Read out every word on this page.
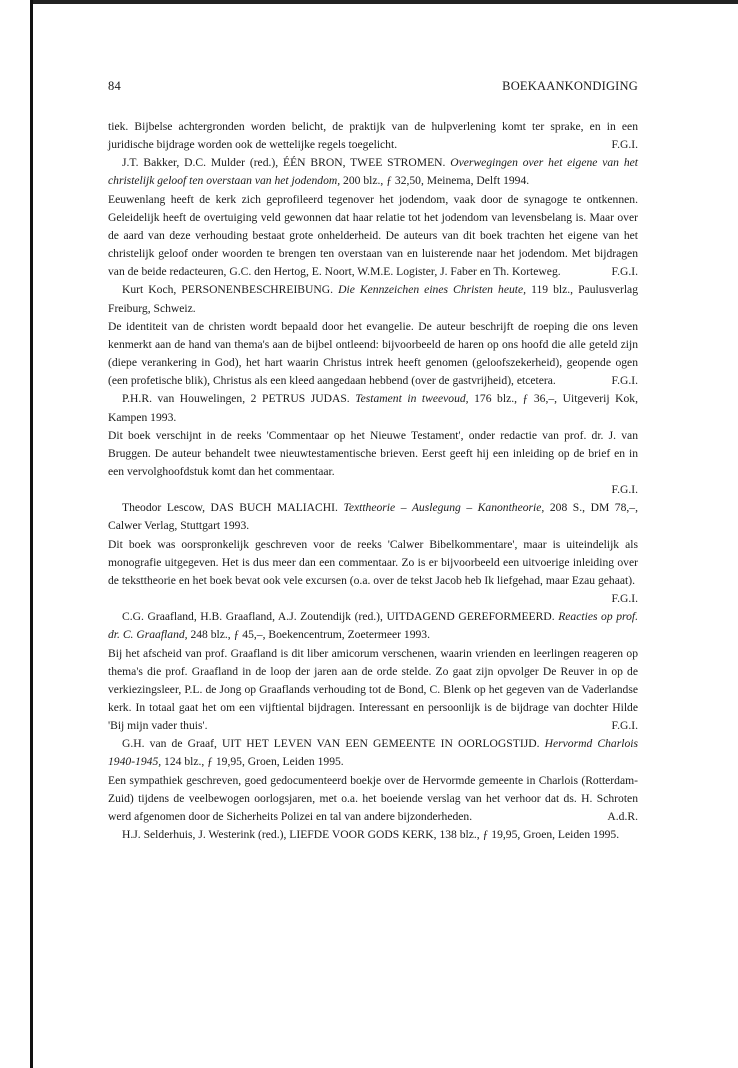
84	BOEKAANKONDIGING

tiek. Bijbelse achtergronden worden belicht, de praktijk van de hulpverlening komt ter sprake, en in een juridische bijdrage worden ook de wettelijke regels toegelicht.	F.G.I.

J.T. Bakker, D.C. Mulder (red.), ÉÉN BRON, TWEE STROMEN. Overwegingen over het eigene van het christelijk geloof ten overstaan van het jodendom, 200 blz., ƒ 32,50, Meinema, Delft 1994.

Eeuwenlang heeft de kerk zich geprofileerd tegenover het jodendom, vaak door de synagoge te ontkennen. Geleidelijk heeft de overtuiging veld gewonnen dat haar relatie tot het jodendom van levensbelang is. Maar over de aard van deze verhouding bestaat grote onhelderheid. De auteurs van dit boek trachten het eigene van het christelijk geloof onder woorden te brengen ten overstaan van en luisterende naar het jodendom. Met bijdragen van de beide redacteuren, G.C. den Hertog, E. Noort, W.M.E. Logister, J. Faber en Th. Korteweg.	F.G.I.

Kurt Koch, PERSONENBESCHREIBUNG. Die Kennzeichen eines Christen heute, 119 blz., Paulusverlag Freiburg, Schweiz.

De identiteit van de christen wordt bepaald door het evangelie. De auteur beschrijft de roeping die ons leven kenmerkt aan de hand van thema's aan de bijbel ontleend: bijvoorbeeld de haren op ons hoofd die alle geteld zijn (diepe verankering in God), het hart waarin Christus intrek heeft genomen (geloofszekerheid), geopende ogen (een profetische blik), Christus als een kleed aangedaan hebbend (over de gastvrijheid), etcetera.	F.G.I.

P.H.R. van Houwelingen, 2 PETRUS JUDAS. Testament in tweevoud, 176 blz., ƒ 36,–, Uitgeverij Kok, Kampen 1993.

Dit boek verschijnt in de reeks 'Commentaar op het Nieuwe Testament', onder redactie van prof. dr. J. van Bruggen. De auteur behandelt twee nieuwtestamentische brieven. Eerst geeft hij een inleiding op de brief en in een vervolghoofdstuk komt dan het commentaar.

F.G.I.

Theodor Lescow, DAS BUCH MALIACHI. Texttheorie – Auslegung – Kanontheorie, 208 S., DM 78,–, Calwer Verlag, Stuttgart 1993.

Dit boek was oorspronkelijk geschreven voor de reeks 'Calwer Bibelkommentare', maar is uiteindelijk als monografie uitgegeven. Het is dus meer dan een commentaar. Zo is er bijvoorbeeld een uitvoerige inleiding over de teksttheorie en het boek bevat ook vele excursen (o.a. over de tekst Jacob heb Ik liefgehad, maar Ezau gehaat).
F.G.I.

C.G. Graafland, H.B. Graafland, A.J. Zoutendijk (red.), UITDAGEND GEREFORMEERD. Reacties op prof. dr. C. Graafland, 248 blz., ƒ 45,–, Boekencentrum, Zoetermeer 1993.

Bij het afscheid van prof. Graafland is dit liber amicorum verschenen, waarin vrienden en leerlingen reageren op thema's die prof. Graafland in de loop der jaren aan de orde stelde. Zo gaat zijn opvolger De Reuver in op de verkiezingsleer, P.L. de Jong op Graaflands verhouding tot de Bond, C. Blenk op het gegeven van de Vaderlandse kerk. In totaal gaat het om een vijftiental bijdragen. Interessant en persoonlijk is de bijdrage van dochter Hilde 'Bij mijn vader thuis'.	F.G.I.

G.H. van de Graaf, UIT HET LEVEN VAN EEN GEMEENTE IN OORLOGSTIJD. Hervormd Charlois 1940-1945, 124 blz., ƒ 19,95, Groen, Leiden 1995.

Een sympathiek geschreven, goed gedocumenteerd boekje over de Hervormde gemeente in Charlois (Rotterdam-Zuid) tijdens de veelbewogen oorlogsjaren, met o.a. het boeiende verslag van het verhoor dat ds. H. Schroten werd afgenomen door de Sicherheits Polizei en tal van andere bijzonderheden.	A.d.R.

H.J. Selderhuis, J. Westerink (red.), LIEFDE VOOR GODS KERK, 138 blz., ƒ 19,95, Groen, Leiden 1995.
